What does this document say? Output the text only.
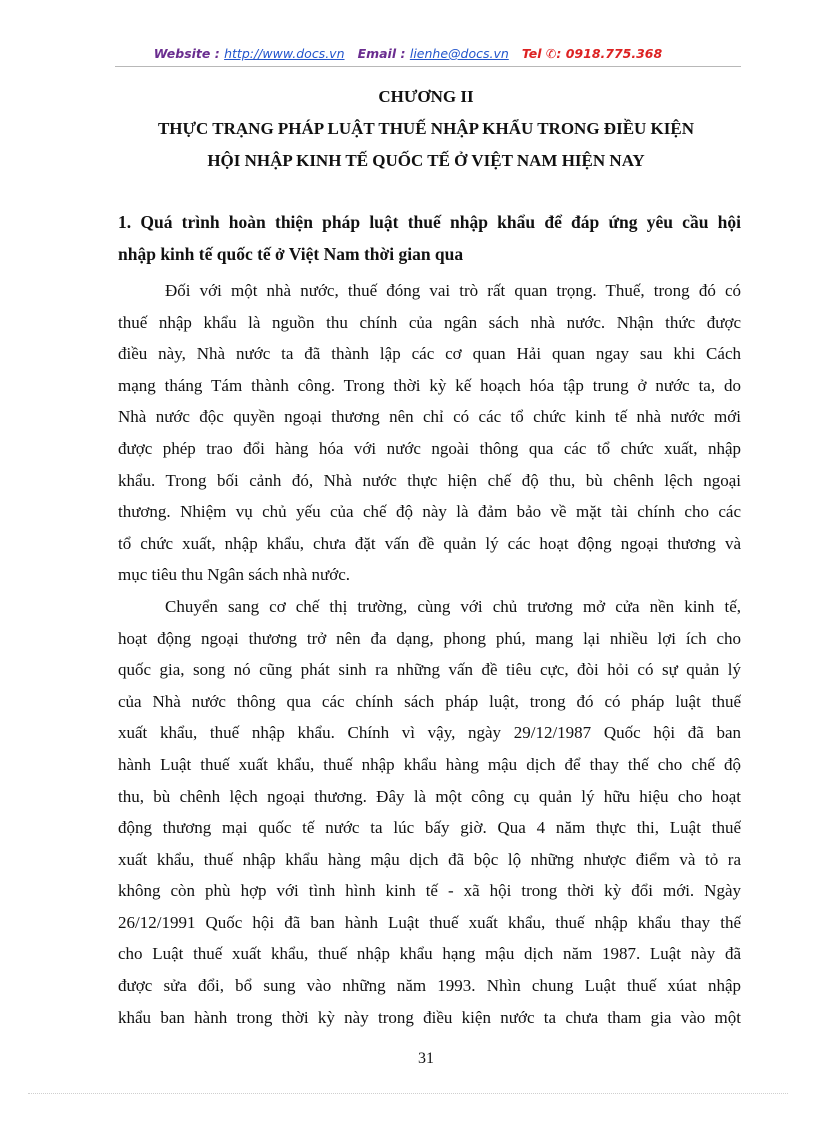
Website : http://www.docs.vn Email : lienhe@docs.vn Tel ✆: 0918.775.368
CHƯƠNG II
THỰC TRẠNG PHÁP LUẬT THUẾ NHẬP KHẨU TRONG ĐIỀU KIỆN
HỘI NHẬP KINH TẾ QUỐC TẾ Ở VIỆT NAM HIỆN NAY
1. Quá trình hoàn thiện pháp luật thuế nhập khẩu để đáp ứng yêu cầu hội

nhập kinh tế quốc tế ở Việt Nam thời gian qua
Đối với một nhà nước, thuế đóng vai trò rất quan trọng. Thuế, trong đó có
thuế nhập khẩu là nguồn thu chính của ngân sách nhà nước. Nhận thức được
điều này, Nhà nước ta đã thành lập các cơ quan Hải quan ngay sau khi Cách
mạng tháng Tám thành công. Trong thời kỳ kế hoạch hóa tập trung ở nước ta, do
Nhà nước độc quyền ngoại thương nên chỉ có các tổ chức kinh tế nhà nước mới
được phép trao đổi hàng hóa với nước ngoài thông qua các tổ chức xuất, nhập
khẩu. Trong bối cảnh đó, Nhà nước thực hiện chế độ thu, bù chênh lệch ngoại
thương. Nhiệm vụ chủ yếu của chế độ này là đảm bảo về mặt tài chính cho các
tổ chức xuất, nhập khẩu, chưa đặt vấn đề quản lý các hoạt động ngoại thương và
mục tiêu thu Ngân sách nhà nước.
Chuyển sang cơ chế thị trường, cùng với chủ trương mở cửa nền kinh tế,
hoạt động ngoại thương trở nên đa dạng, phong phú, mang lại nhiều lợi ích cho
quốc gia, song nó cũng phát sinh ra những vấn đề tiêu cực, đòi hỏi có sự quản lý
của Nhà nước thông qua các chính sách pháp luật, trong đó có pháp luật thuế
xuất khẩu, thuế nhập khẩu. Chính vì vậy, ngày 29/12/1987 Quốc hội đã ban
hành Luật thuế xuất khẩu, thuế nhập khẩu hàng mậu dịch để thay thế cho chế độ
thu, bù chênh lệch ngoại thương. Đây là một công cụ quản lý hữu hiệu cho hoạt
động thương mại quốc tế nước ta lúc bấy giờ. Qua 4 năm thực thi, Luật thuế
xuất khẩu, thuế nhập khẩu hàng mậu dịch đã bộc lộ những nhược điểm và tỏ ra
không còn phù hợp với tình hình kinh tế - xã hội trong thời kỳ đổi mới. Ngày
26/12/1991 Quốc hội đã ban hành Luật thuế xuất khẩu, thuế nhập khẩu thay thế
cho Luật thuế xuất khẩu, thuế nhập khẩu hạng mậu dịch năm 1987. Luật này đã
được sửa đổi, bổ sung vào những năm 1993. Nhìn chung Luật thuế xúat nhập
khẩu ban hành trong thời kỳ này trong điều kiện nước ta chưa tham gia vào một
31
